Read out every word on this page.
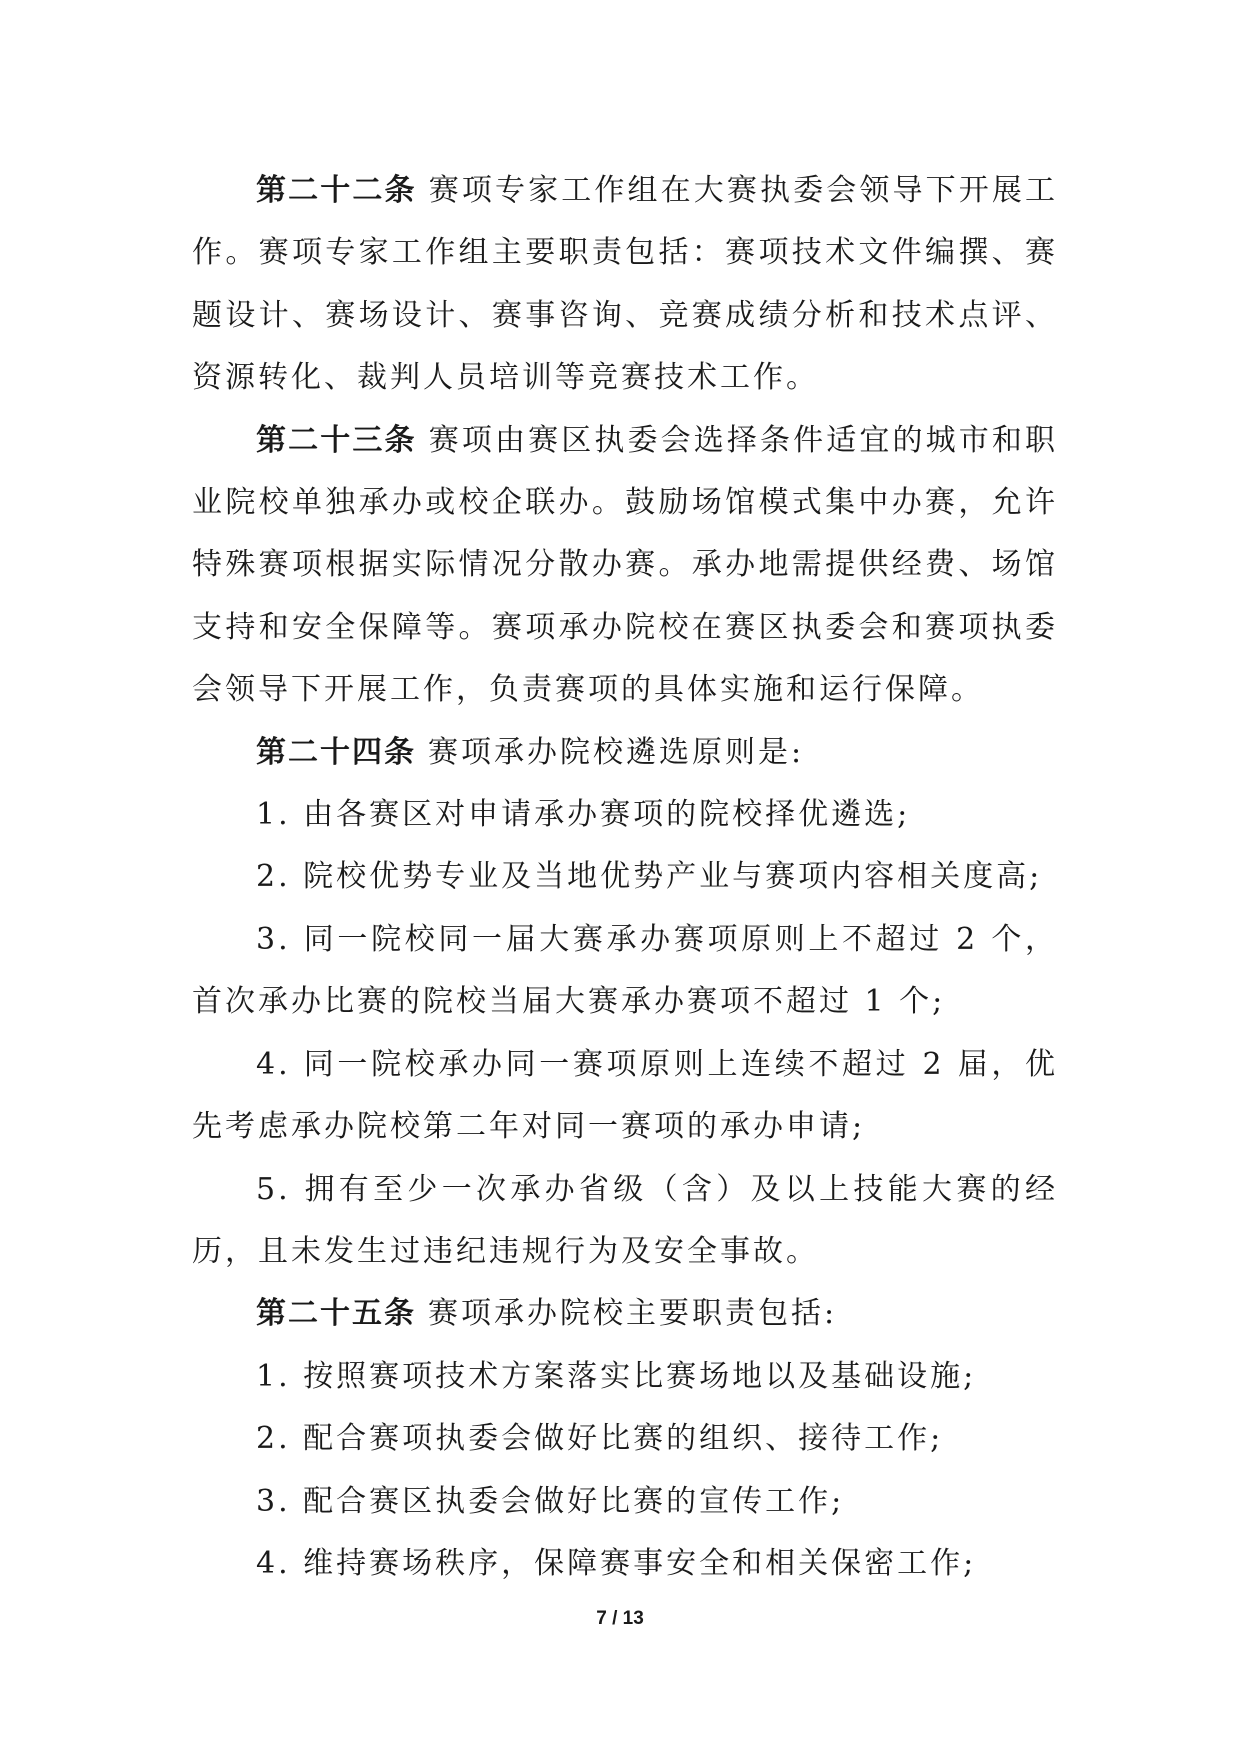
第二十二条 赛项专家工作组在大赛执委会领导下开展工作。赛项专家工作组主要职责包括：赛项技术文件编撰、赛题设计、赛场设计、赛事咨询、竞赛成绩分析和技术点评、资源转化、裁判人员培训等竞赛技术工作。

第二十三条 赛项由赛区执委会选择条件适宜的城市和职业院校单独承办或校企联办。鼓励场馆模式集中办赛，允许特殊赛项根据实际情况分散办赛。承办地需提供经费、场馆支持和安全保障等。赛项承办院校在赛区执委会和赛项执委会领导下开展工作，负责赛项的具体实施和运行保障。

第二十四条 赛项承办院校遴选原则是:

1. 由各赛区对申请承办赛项的院校择优遴选;

2. 院校优势专业及当地优势产业与赛项内容相关度高;

3. 同一院校同一届大赛承办赛项原则上不超过 2 个，首次承办比赛的院校当届大赛承办赛项不超过 1 个;

4. 同一院校承办同一赛项原则上连续不超过 2 届，优先考虑承办院校第二年对同一赛项的承办申请;

5. 拥有至少一次承办省级（含）及以上技能大赛的经历，且未发生过违纪违规行为及安全事故。

第二十五条 赛项承办院校主要职责包括:

1. 按照赛项技术方案落实比赛场地以及基础设施;

2. 配合赛项执委会做好比赛的组织、接待工作;

3. 配合赛区执委会做好比赛的宣传工作;

4. 维持赛场秩序，保障赛事安全和相关保密工作;

7 / 13
